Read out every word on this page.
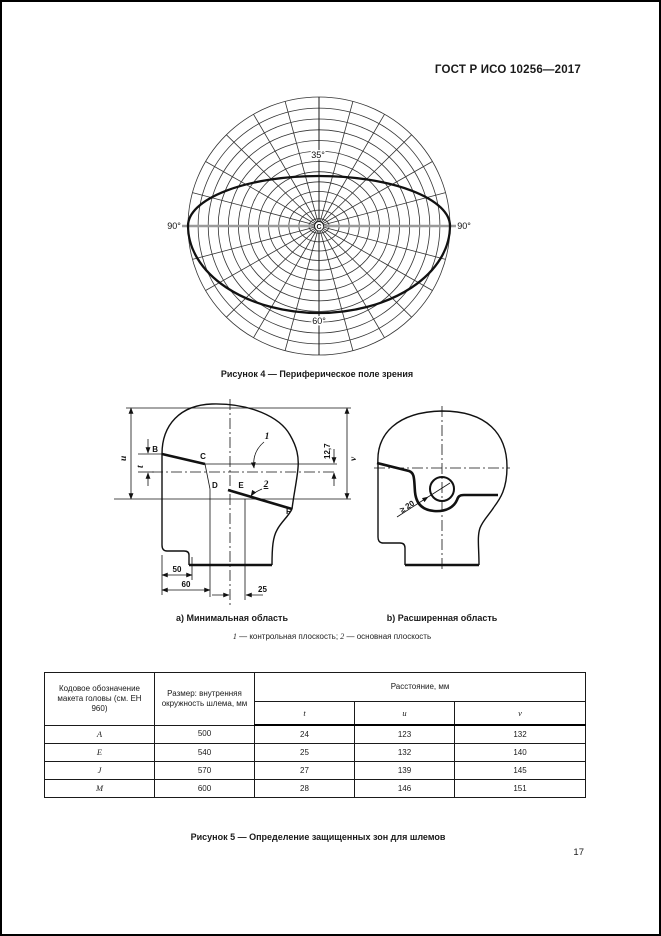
ГОСТ Р ИСО 10256—2017
C
35°
60°
90°	90°
Рисунок 4 — Периферическое поле зрения
u
t
v
12,7
50
60
25
B
C
D	E
F
1
2
≥ 20
а) Минимальная область	b) Расширенная область
1 — контрольная плоскость; 2 — основная плоскость
Кодовое обозначение макета головы (см. ЕН 960)	Размер: внутренняя окружность шлема, мм	Расстояние, мм		
		t	u	v
A	500	24	123	132
E	540	25	132	140
J	570	27	139	145
M	600	28	146	151
Рисунок 5 — Определение защищенных зон для шлемов
17
